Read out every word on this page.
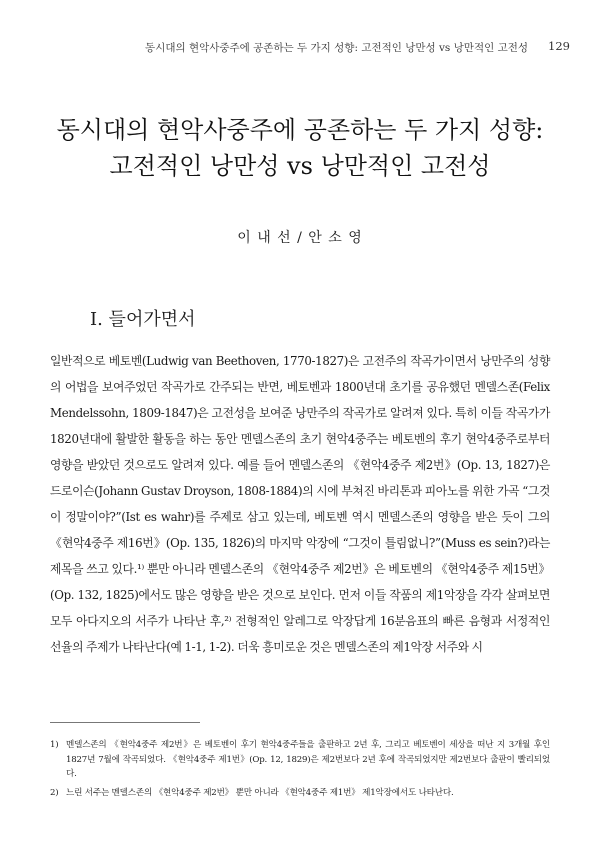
동시대의 현악사중주에 공존하는 두 가지 성향: 고전적인 낭만성 vs 낭만적인 고전성 129
동시대의 현악사중주에 공존하는 두 가지 성향:
고전적인 낭만성 vs 낭만적인 고전성
이 내 선 / 안 소 영
I. 들어가면서

일반적으로 베토벤(Ludwig van Beethoven, 1770-1827)은 고전주의 작곡가이면서 낭만주의 성향의 어법을 보여주었던 작곡가로 간주되는 반면, 베토벤과 1800년대 초기를 공유했던 멘델스존(Felix Mendelssohn, 1809-1847)은 고전성을 보여준 낭만주의 작곡가로 알려져 있다. 특히 이들 작곡가가 1820년대에 활발한 활동을 하는 동안 멘델스존의 초기 현악4중주는 베토벤의 후기 현악4중주로부터 영향을 받았던 것으로도 알려져 있다. 예를 들어 멘델스존의 《현악4중주 제2번》(Op. 13, 1827)은 드로이슨(Johann Gustav Droyson, 1808-1884)의 시에 부쳐진 바리톤과 피아노를 위한 가곡 “그것이 정말이야?”(Ist es wahr)를 주제로 삼고 있는데, 베토벤 역시 멘델스존의 영향을 받은 듯이 그의 《현악4중주 제16번》(Op. 135, 1826)의 마지막 악장에 “그것이 틀림없니?”(Muss es sein?)라는 제목을 쓰고 있다.¹⁾ 뿐만 아니라 멘델스존의 《현악4중주 제2번》은 베토벤의 《현악4중주 제15번》(Op. 132, 1825)에서도 많은 영향을 받은 것으로 보인다. 먼저 이들 작품의 제1악장을 각각 살펴보면 모두 아다지오의 서주가 나타난 후,²⁾ 전형적인 알레그로 악장답게 16분음표의 빠른 음형과 서정적인 선율의 주제가 나타난다(예 1-1, 1-2). 더욱 흥미로운 것은 멘델스존의 제1악장 서주와 시

1) 멘델스존의 《현악4중주 제2번》은 베토벤이 후기 현악4중주들을 출판하고 2년 후, 그리고 베토벤이 세상을 떠난 지 3개월 후인 1827년 7월에 작곡되었다. 《현악4중주 제1번》(Op. 12, 1829)은 제2번보다 2년 후에 작곡되었지만 제2번보다 출판이 빨리되었다.
2) 느린 서주는 멘델스존의 《현악4중주 제2번》 뿐만 아니라 《현악4중주 제1번》 제1악장에서도 나타난다.
